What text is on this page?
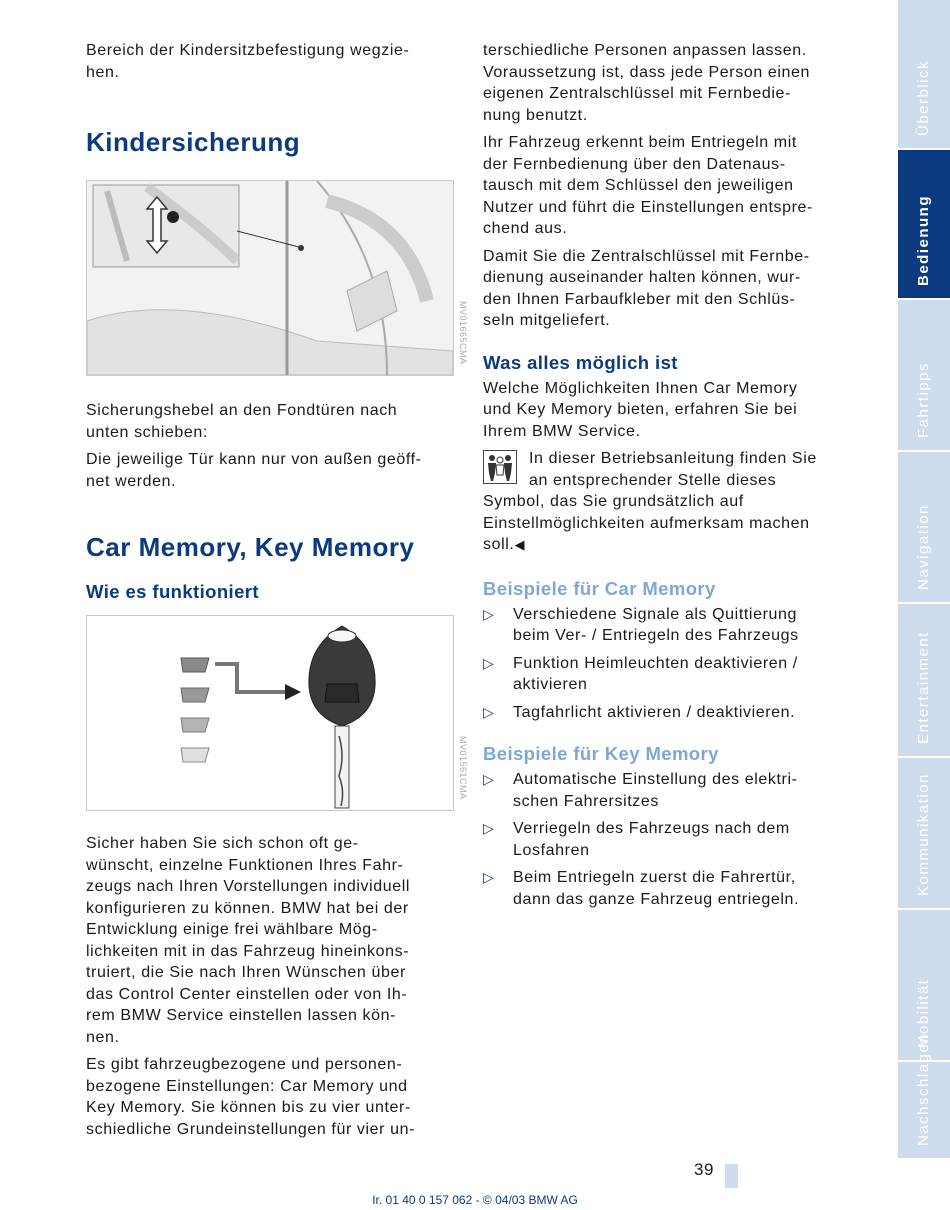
Bereich der Kindersitzbefestigung wegzie-
hen.

Kindersicherung
MV01665CMA

Sicherungshebel an den Fondtüren nach
unten schieben:

Die jeweilige Tür kann nur von außen geöff-
net werden.

Car Memory, Key Memory
Wie es funktioniert
MV01561CMA

Sicher haben Sie sich schon oft ge-
wünscht, einzelne Funktionen Ihres Fahr-
zeugs nach Ihren Vorstellungen individuell
konfigurieren zu können. BMW hat bei der
Entwicklung einige frei wählbare Mög-
lichkeiten mit in das Fahrzeug hineinkons-
truiert, die Sie nach Ihren Wünschen über
das Control Center einstellen oder von Ih-
rem BMW Service einstellen lassen kön-
nen.

Es gibt fahrzeugbezogene und personen-
bezogene Einstellungen: Car Memory und
Key Memory. Sie können bis zu vier unter-
schiedliche Grundeinstellungen für vier un-

terschiedliche Personen anpassen lassen.
Voraussetzung ist, dass jede Person einen
eigenen Zentralschlüssel mit Fernbedie-
nung benutzt.

Ihr Fahrzeug erkennt beim Entriegeln mit
der Fernbedienung über den Datenaus-
tausch mit dem Schlüssel den jeweiligen
Nutzer und führt die Einstellungen entspre-
chend aus.

Damit Sie die Zentralschlüssel mit Fernbe-
dienung auseinander halten können, wur-
den Ihnen Farbaufkleber mit den Schlüs-
seln mitgeliefert.

Was alles möglich ist

Welche Möglichkeiten Ihnen Car Memory
und Key Memory bieten, erfahren Sie bei
Ihrem BMW Service.

In dieser Betriebsanleitung finden Sie
an entsprechender Stelle dieses

Symbol, das Sie grundsätzlich auf
Einstellmöglichkeiten aufmerksam machen
soll.◀

Beispiele für Car Memory
▷ Verschiedene Signale als Quittierung
beim Ver- / Entriegeln des Fahrzeugs
▷ Funktion Heimleuchten deaktivieren /
aktivieren
▷ Tagfahrlicht aktivieren / deaktivieren.
Beispiele für Key Memory
▷ Automatische Einstellung des elektri-
schen Fahrersitzes
▷ Verriegeln des Fahrzeugs nach dem
Losfahren
▷ Beim Entriegeln zuerst die Fahrertür,
dann das ganze Fahrzeug entriegeln.
Überblick
Bedienung
Fahrtipps
Navigation
Entertainment
Kommunikation
Mobilität
Nachschlagen
39
Ir. 01 40 0 157 062 - © 04/03 BMW AG
